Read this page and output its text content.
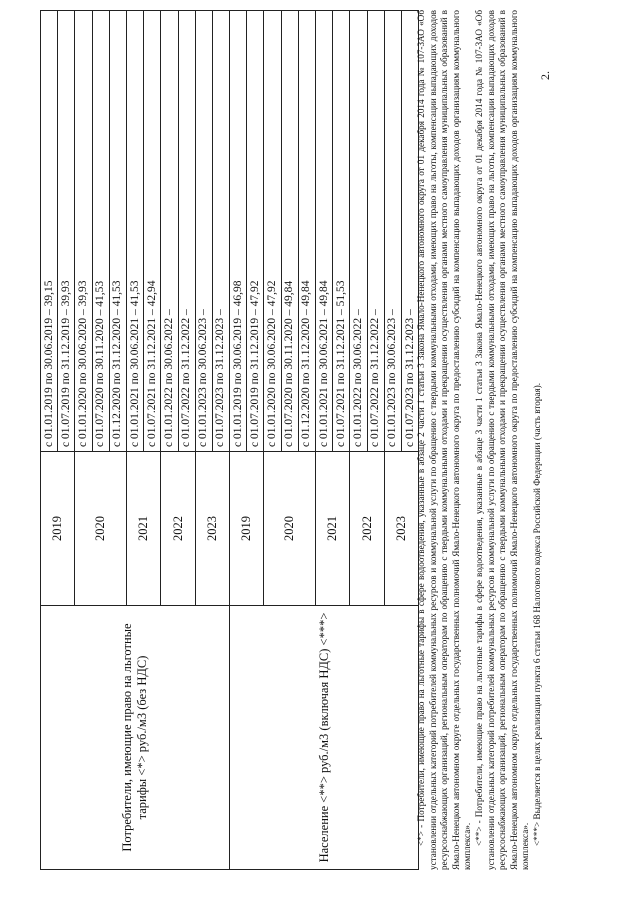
Потребители, имеющие право на льготные тарифы <*> руб./м3 (без НДС)	2019	с 01.01.2019 по 30.06.2019 – 39,15
		с 01.07.2019 по 31.12.2019 – 39,93
	2020	с 01.01.2020 по 30.06.2020 – 39,93
		с 01.07.2020 по 30.11.2020 – 41,53
		с 01.12.2020 по 31.12.2020 – 41,53
	2021	с 01.01.2021 по 30.06.2021 – 41,53
		с 01.07.2021 по 31.12.2021 – 42,94
	2022	с 01.01.2022 по 30.06.2022 –
		с 01.07.2022 по 31.12.2022 –
	2023	с 01.01.2023 по 30.06.2023 –
		с 01.07.2023 по 31.12.2023 –
Население <**> руб./м3 (включая НДС) <***>	2019	с 01.01.2019 по 30.06.2019 – 46,98
		с 01.07.2019 по 31.12.2019 – 47,92
	2020	с 01.01.2020 по 30.06.2020 – 47,92
		с 01.07.2020 по 30.11.2020 – 49,84
		с 01.12.2020 по 31.12.2020 – 49,84
	2021	с 01.01.2021 по 30.06.2021 – 49,84
		с 01.07.2021 по 31.12.2021 – 51,53
	2022	с 01.01.2022 по 30.06.2022 –
		с 01.07.2022 по 31.12.2022 –
	2023	с 01.01.2023 по 30.06.2023 –
		с 01.07.2023 по 31.12.2023 – <*> - Потребители, имеющие право на льготные тарифы в сфере водоотведения, указанные в абзаце 2 части 1 статьи 3 Закона Ямало-Ненецкого автономного округа от 01 декабря 2014 года № 107-ЗАО «Об установлении отдельных категорий потребителей коммунальных ресурсов и коммунальной услуги по обращению с твердыми коммунальными отходами, имеющих право на льготы, компенсации выпадающих доходов ресурсоснабжающих организаций, региональным операторам по обращению с твердыми коммунальными отходами и прекращении осуществления органами местного самоуправления муниципальных образований в Ямало-Ненецком автономном округе отдельных государственных полномочий Ямало-Ненецкого автономного округа по предоставлению субсидий на компенсацию выпадающих доходов организациям коммунального комплекса».

<**> - Потребители, имеющие право на льготные тарифы в сфере водоотведения, указанные в абзаце 3 части 1 статьи 3 Закона Ямало-Ненецкого автономного округа от 01 декабря 2014 года № 107-ЗАО «Об установлении отдельных категорий потребителей коммунальных ресурсов и коммунальной услуги по обращению с твердыми коммунальными отходами, имеющих право на льготы, компенсации выпадающих доходов ресурсоснабжающих организаций, региональным операторам по обращению с твердыми коммунальными отходами и прекращении осуществления органами местного самоуправления муниципальных образований в Ямало-Ненецком автономном округе отдельных государственных полномочий Ямало-Ненецкого автономного округа по предоставлению субсидий на компенсацию выпадающих доходов организациям коммунального комплекса».

<***> Выделяется в целях реализации пункта 6 статьи 168 Налогового кодекса Российской Федерации (часть вторая).

2.
